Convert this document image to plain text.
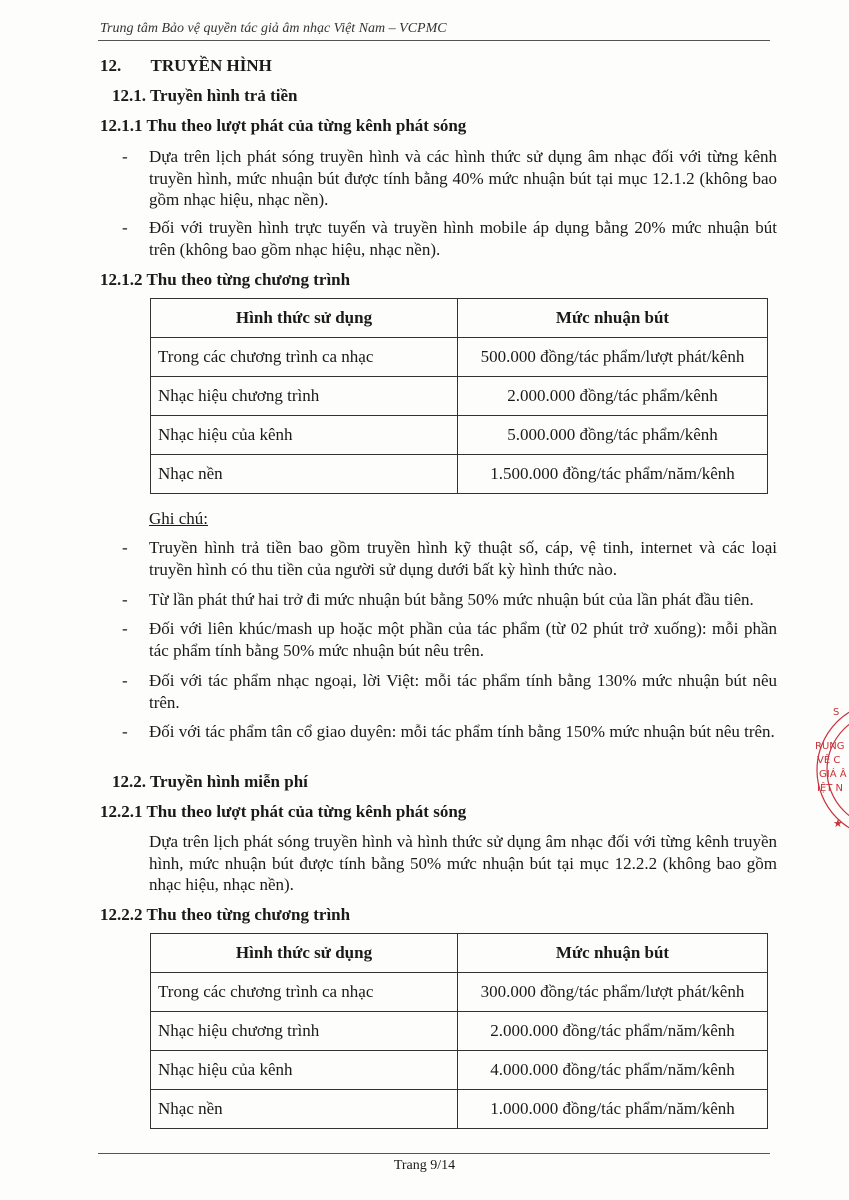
Trung tâm Bảo vệ quyền tác giả âm nhạc Việt Nam – VCPMC
12. TRUYỀN HÌNH
12.1. Truyền hình trả tiền
12.1.1 Thu theo lượt phát của từng kênh phát sóng
- Dựa trên lịch phát sóng truyền hình và các hình thức sử dụng âm nhạc đối với từng kênh truyền hình, mức nhuận bút được tính bằng 40% mức nhuận bút tại mục 12.1.2 (không bao gồm nhạc hiệu, nhạc nền).
- Đối với truyền hình trực tuyến và truyền hình mobile áp dụng bằng 20% mức nhuận bút trên (không bao gồm nhạc hiệu, nhạc nền).
12.1.2 Thu theo từng chương trình
Hình thức sử dụng	Mức nhuận bút
Trong các chương trình ca nhạc	500.000 đồng/tác phẩm/lượt phát/kênh
Nhạc hiệu chương trình	2.000.000 đồng/tác phẩm/kênh
Nhạc hiệu của kênh	5.000.000 đồng/tác phẩm/kênh
Nhạc nền	1.500.000 đồng/tác phẩm/năm/kênh
Ghi chú:
- Truyền hình trả tiền bao gồm truyền hình kỹ thuật số, cáp, vệ tinh, internet và các loại truyền hình có thu tiền của người sử dụng dưới bất kỳ hình thức nào.
- Từ lần phát thứ hai trở đi mức nhuận bút bằng 50% mức nhuận bút của lần phát đầu tiên.
- Đối với liên khúc/mash up hoặc một phần của tác phẩm (từ 02 phút trở xuống): mỗi phần tác phẩm tính bằng 50% mức nhuận bút nêu trên.
- Đối với tác phẩm nhạc ngoại, lời Việt: mỗi tác phẩm tính bằng 130% mức nhuận bút nêu trên.
- Đối với tác phẩm tân cổ giao duyên: mỗi tác phẩm tính bằng 150% mức nhuận bút nêu trên.
12.2. Truyền hình miễn phí
12.2.1 Thu theo lượt phát của từng kênh phát sóng
Dựa trên lịch phát sóng truyền hình và hình thức sử dụng âm nhạc đối với từng kênh truyền hình, mức nhuận bút được tính bằng 50% mức nhuận bút tại mục 12.2.2 (không bao gồm nhạc hiệu, nhạc nền).
12.2.2 Thu theo từng chương trình
Hình thức sử dụng	Mức nhuận bút
Trong các chương trình ca nhạc	300.000 đồng/tác phẩm/lượt phát/kênh
Nhạc hiệu chương trình	2.000.000 đồng/tác phẩm/năm/kênh
Nhạc hiệu của kênh	4.000.000 đồng/tác phẩm/năm/kênh
Nhạc nền	1.000.000 đồng/tác phẩm/năm/kênh
S
RUNG
VỆ C
GIÁ Â
IỆT N
★
Trang 9/14
